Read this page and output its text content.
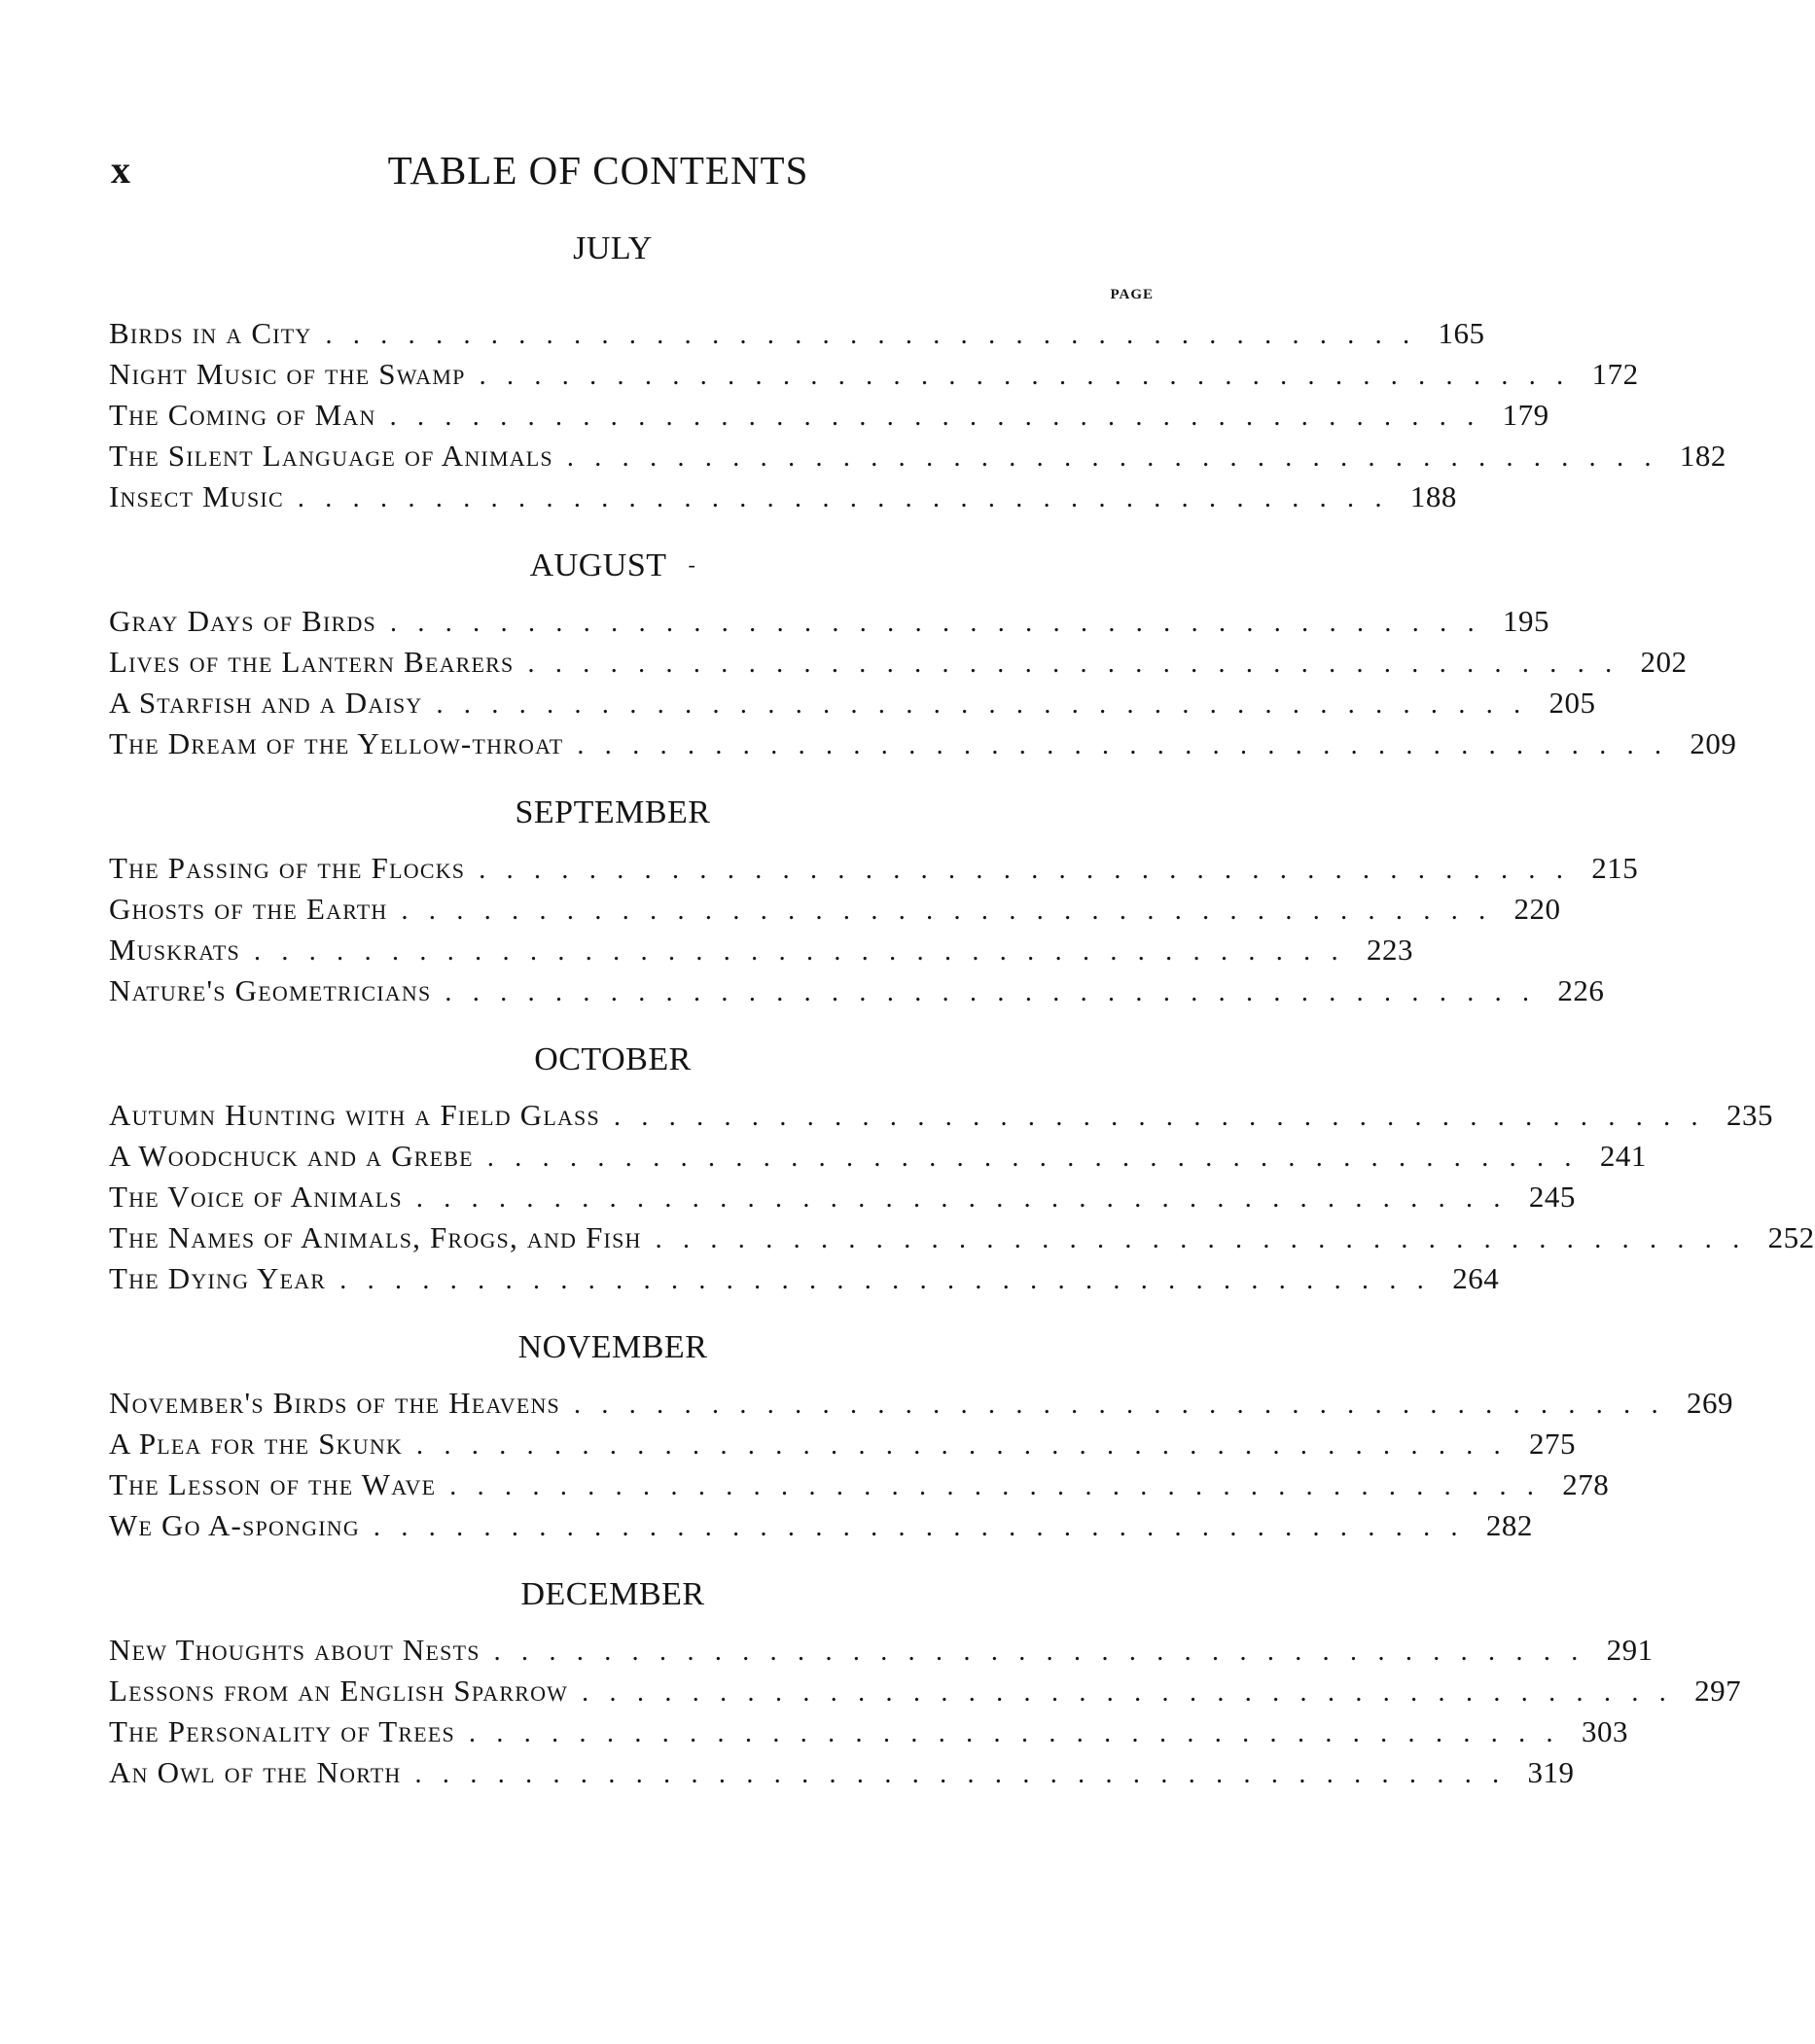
x	TABLE OF CONTENTS
JULY
PAGE
Birds in a City ........................................ 165
Night Music of the Swamp ........................................ 172
The Coming of Man ........................................ 179
The Silent Language of Animals ........................................ 182
Insect Music ........................................ 188
AUGUST -
Gray Days of Birds ........................................ 195
Lives of the Lantern Bearers ........................................ 202
A Starfish and a Daisy ........................................ 205
The Dream of the Yellow-throat ........................................ 209
SEPTEMBER
The Passing of the Flocks ........................................ 215
Ghosts of the Earth ........................................ 220
Muskrats ........................................ 223
Nature's Geometricians ........................................ 226
OCTOBER
Autumn Hunting with a Field Glass ........................................ 235
A Woodchuck and a Grebe ........................................ 241
The Voice of Animals ........................................ 245
The Names of Animals, Frogs, and Fish ........................................ 252
The Dying Year ........................................ 264
NOVEMBER
November's Birds of the Heavens ........................................ 269
A Plea for the Skunk ........................................ 275
The Lesson of the Wave ........................................ 278
We Go A-sponging ........................................ 282
DECEMBER
New Thoughts about Nests ........................................ 291
Lessons from an English Sparrow ........................................ 297
The Personality of Trees ........................................ 303
An Owl of the North ........................................ 319
